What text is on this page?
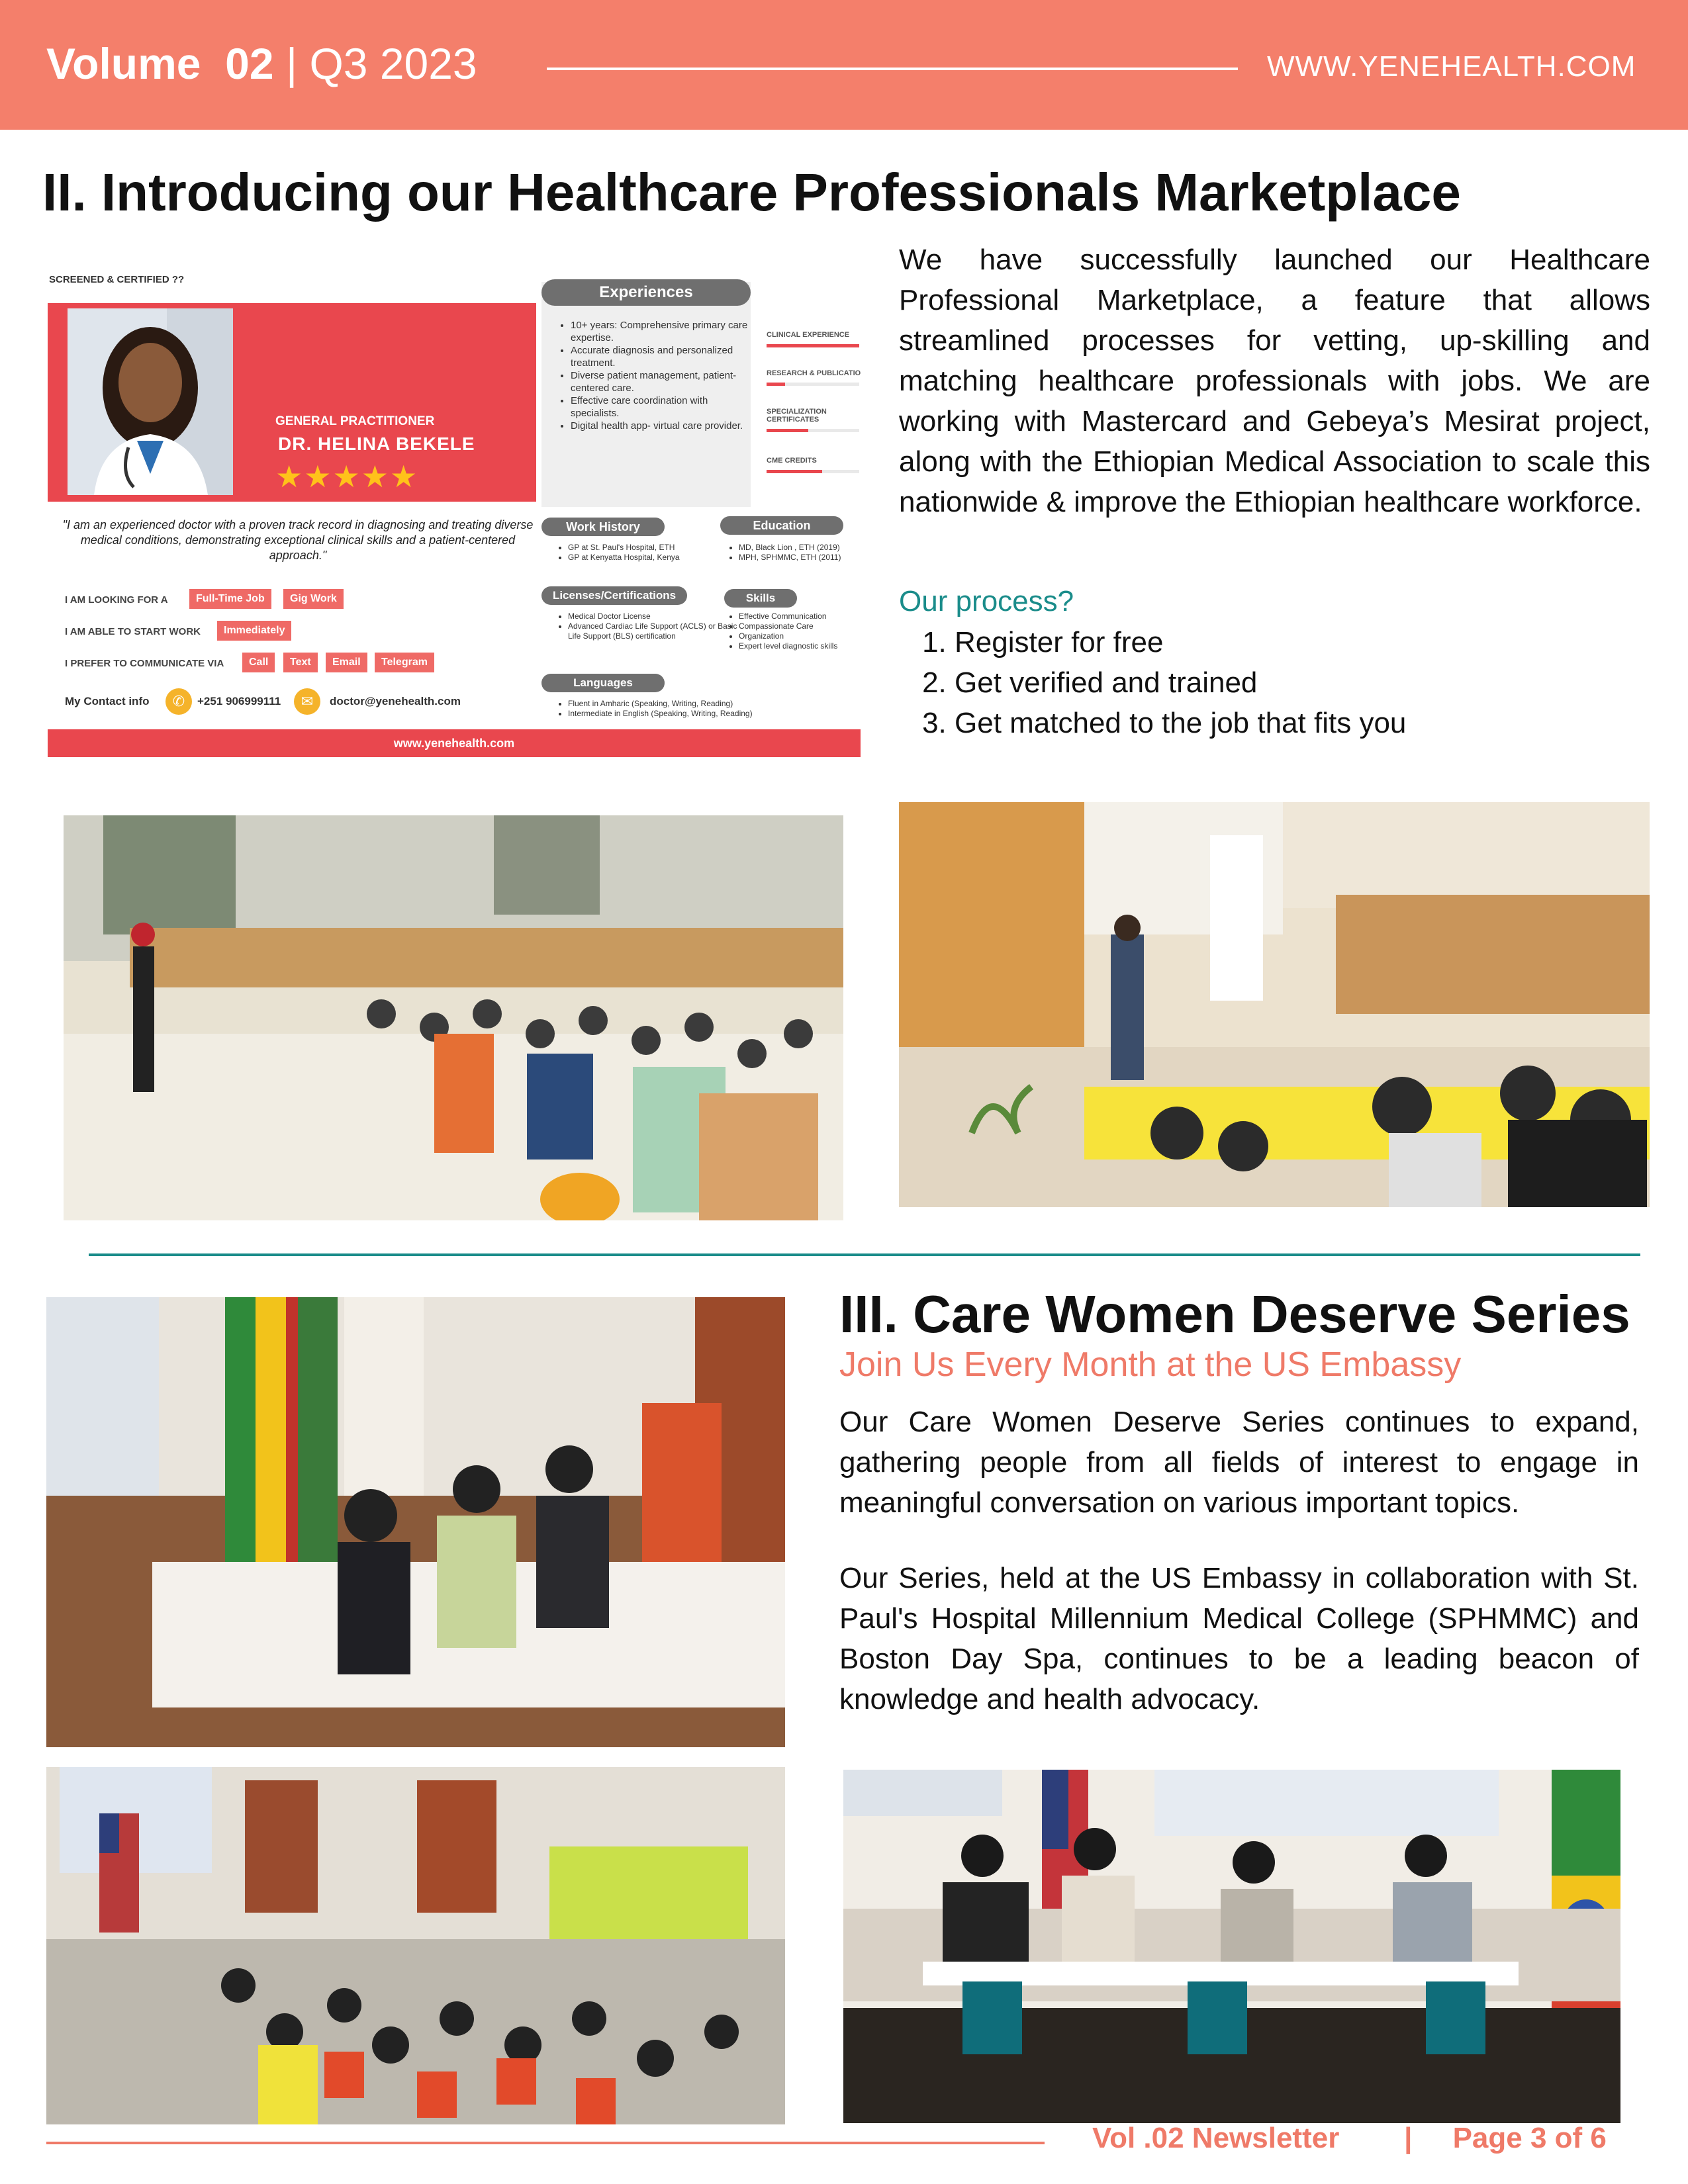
Volume 02 | Q3 2023	WWW.YENEHEALTH.COM
II. Introducing our Healthcare Professionals Marketplace
SCREENED & CERTIFIED ??
GENERAL PRACTITIONER
DR. HELINA BEKELE
★★★★★
"I am an experienced doctor with a proven track record in diagnosing and treating diverse medical conditions, demonstrating exceptional clinical skills and a patient-centered approach."
I AM LOOKING FOR A	Full-Time Job	Gig Work
I AM ABLE TO START WORK	Immediately
I PREFER TO COMMUNICATE VIA	Call	Text	Email	Telegram
My Contact info	✆	+251 906999111	✉	doctor@yenehealth.com
www.yenehealth.com
Experiences
• 10+ years: Comprehensive primary care expertise.
• Accurate diagnosis and personalized treatment.
• Diverse patient management, patient-centered care.
• Effective care coordination with specialists.
• Digital health app- virtual care provider.
CLINICAL EXPERIENCE
RESEARCH & PUBLICATIO
SPECIALIZATION CERTIFICATES
CME CREDITS
Work History
• GP at St. Paul's Hospital, ETH
• GP at Kenyatta Hospital, Kenya
Education
• MD, Black Lion , ETH (2019)
• MPH, SPHMMC, ETH (2011)
Licenses/Certifications
• Medical Doctor License
• Advanced Cardiac Life Support (ACLS) or Basic Life Support (BLS) certification
Skills
• Effective Communication
• Compassionate Care
• Organization
• Expert level diagnostic skills
Languages
• Fluent in Amharic (Speaking, Writing, Reading)
• Intermediate in English (Speaking, Writing, Reading)

We have successfully launched our Healthcare Professional Marketplace, a feature that allows streamlined processes for vetting, up-skilling and matching healthcare professionals with jobs. We are working with Mastercard and Gebeya’s Mesirat project, along with the Ethiopian Medical Association to scale this nationwide & improve the Ethiopian healthcare workforce.

Our process?
1. Register for free
2. Get verified and trained
3. Get matched to the job that fits you
III. Care Women Deserve Series
Join Us Every Month at the US Embassy

Our Care Women Deserve Series continues to expand, gathering people from all fields of interest to engage in meaningful conversation on various important topics.

Our Series, held at the US Embassy in collaboration with St. Paul's Hospital Millennium Medical College (SPHMMC) and Boston Day Spa, continues to be a leading beacon of knowledge and health advocacy.

Vol .02 Newsletter | Page 3 of 6
